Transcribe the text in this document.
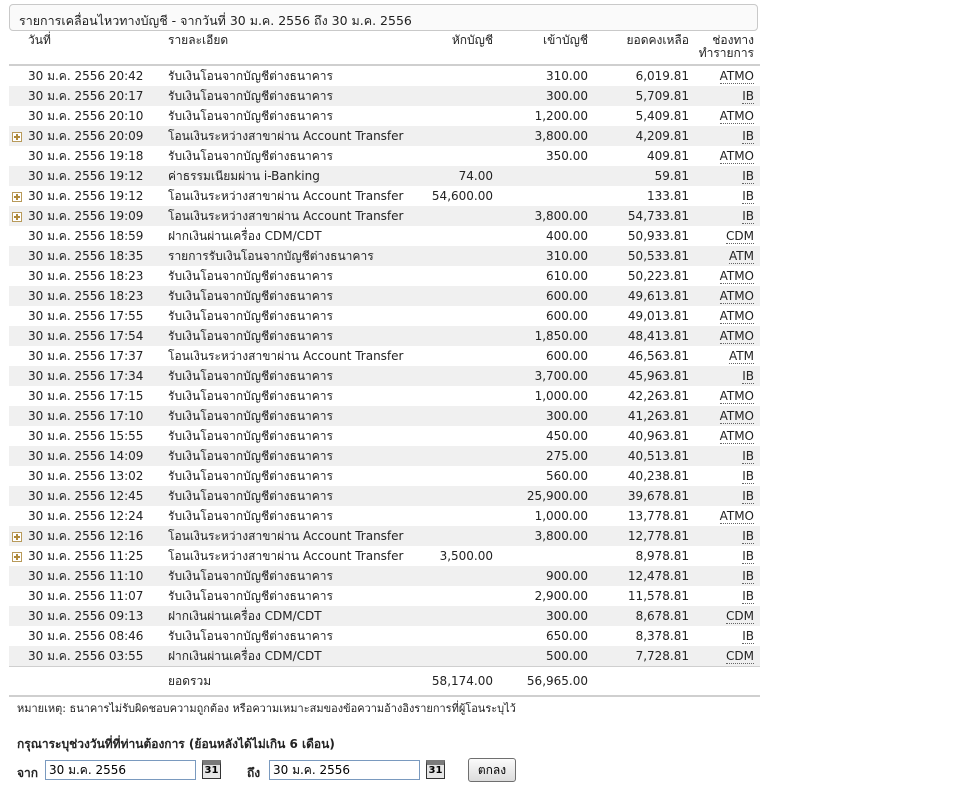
รายการเคลื่อนไหวทางบัญชี - จากวันที่ 30 ม.ค. 2556 ถึง 30 ม.ค. 2556
	วันที่	รายละเอียด	หักบัญชี	เข้าบัญชี	ยอดคงเหลือ	ช่องทาง
ทำรายการ

	30 ม.ค. 2556 20:42	รับเงินโอนจากบัญชีต่างธนาคาร		310.00	6,019.81	ATMO
	30 ม.ค. 2556 20:17	รับเงินโอนจากบัญชีต่างธนาคาร		300.00	5,709.81	IB
	30 ม.ค. 2556 20:10	รับเงินโอนจากบัญชีต่างธนาคาร		1,200.00	5,409.81	ATMO
	30 ม.ค. 2556 20:09	โอนเงินระหว่างสาขาผ่าน Account Transfer		3,800.00	4,209.81	IB
	30 ม.ค. 2556 19:18	รับเงินโอนจากบัญชีต่างธนาคาร		350.00	409.81	ATMO
	30 ม.ค. 2556 19:12	ค่าธรรมเนียมผ่าน i-Banking	74.00		59.81	IB
	30 ม.ค. 2556 19:12	โอนเงินระหว่างสาขาผ่าน Account Transfer	54,600.00		133.81	IB
	30 ม.ค. 2556 19:09	โอนเงินระหว่างสาขาผ่าน Account Transfer		3,800.00	54,733.81	IB
	30 ม.ค. 2556 18:59	ฝากเงินผ่านเครื่อง CDM/CDT		400.00	50,933.81	CDM
	30 ม.ค. 2556 18:35	รายการรับเงินโอนจากบัญชีต่างธนาคาร		310.00	50,533.81	ATM
	30 ม.ค. 2556 18:23	รับเงินโอนจากบัญชีต่างธนาคาร		610.00	50,223.81	ATMO
	30 ม.ค. 2556 18:23	รับเงินโอนจากบัญชีต่างธนาคาร		600.00	49,613.81	ATMO
	30 ม.ค. 2556 17:55	รับเงินโอนจากบัญชีต่างธนาคาร		600.00	49,013.81	ATMO
	30 ม.ค. 2556 17:54	รับเงินโอนจากบัญชีต่างธนาคาร		1,850.00	48,413.81	ATMO
	30 ม.ค. 2556 17:37	โอนเงินระหว่างสาขาผ่าน Account Transfer		600.00	46,563.81	ATM
	30 ม.ค. 2556 17:34	รับเงินโอนจากบัญชีต่างธนาคาร		3,700.00	45,963.81	IB
	30 ม.ค. 2556 17:15	รับเงินโอนจากบัญชีต่างธนาคาร		1,000.00	42,263.81	ATMO
	30 ม.ค. 2556 17:10	รับเงินโอนจากบัญชีต่างธนาคาร		300.00	41,263.81	ATMO
	30 ม.ค. 2556 15:55	รับเงินโอนจากบัญชีต่างธนาคาร		450.00	40,963.81	ATMO
	30 ม.ค. 2556 14:09	รับเงินโอนจากบัญชีต่างธนาคาร		275.00	40,513.81	IB
	30 ม.ค. 2556 13:02	รับเงินโอนจากบัญชีต่างธนาคาร		560.00	40,238.81	IB
	30 ม.ค. 2556 12:45	รับเงินโอนจากบัญชีต่างธนาคาร		25,900.00	39,678.81	IB
	30 ม.ค. 2556 12:24	รับเงินโอนจากบัญชีต่างธนาคาร		1,000.00	13,778.81	ATMO
	30 ม.ค. 2556 12:16	โอนเงินระหว่างสาขาผ่าน Account Transfer		3,800.00	12,778.81	IB
	30 ม.ค. 2556 11:25	โอนเงินระหว่างสาขาผ่าน Account Transfer	3,500.00		8,978.81	IB
	30 ม.ค. 2556 11:10	รับเงินโอนจากบัญชีต่างธนาคาร		900.00	12,478.81	IB
	30 ม.ค. 2556 11:07	รับเงินโอนจากบัญชีต่างธนาคาร		2,900.00	11,578.81	IB
	30 ม.ค. 2556 09:13	ฝากเงินผ่านเครื่อง CDM/CDT		300.00	8,678.81	CDM
	30 ม.ค. 2556 08:46	รับเงินโอนจากบัญชีต่างธนาคาร		650.00	8,378.81	IB
	30 ม.ค. 2556 03:55	ฝากเงินผ่านเครื่อง CDM/CDT		500.00	7,728.81	CDM
		ยอดรวม	58,174.00	56,965.00		
หมายเหตุ: ธนาคารไม่รับผิดชอบความถูกต้อง หรือความเหมาะสมของข้อความอ้างอิงรายการที่ผู้โอนระบุไว้
กรุณาระบุช่วงวันที่ที่ท่านต้องการ (ย้อนหลังได้ไม่เกิน 6 เดือน)
จาก
30 ม.ค. 2556	31 ถึง
30 ม.ค. 2556	31	ตกลง
